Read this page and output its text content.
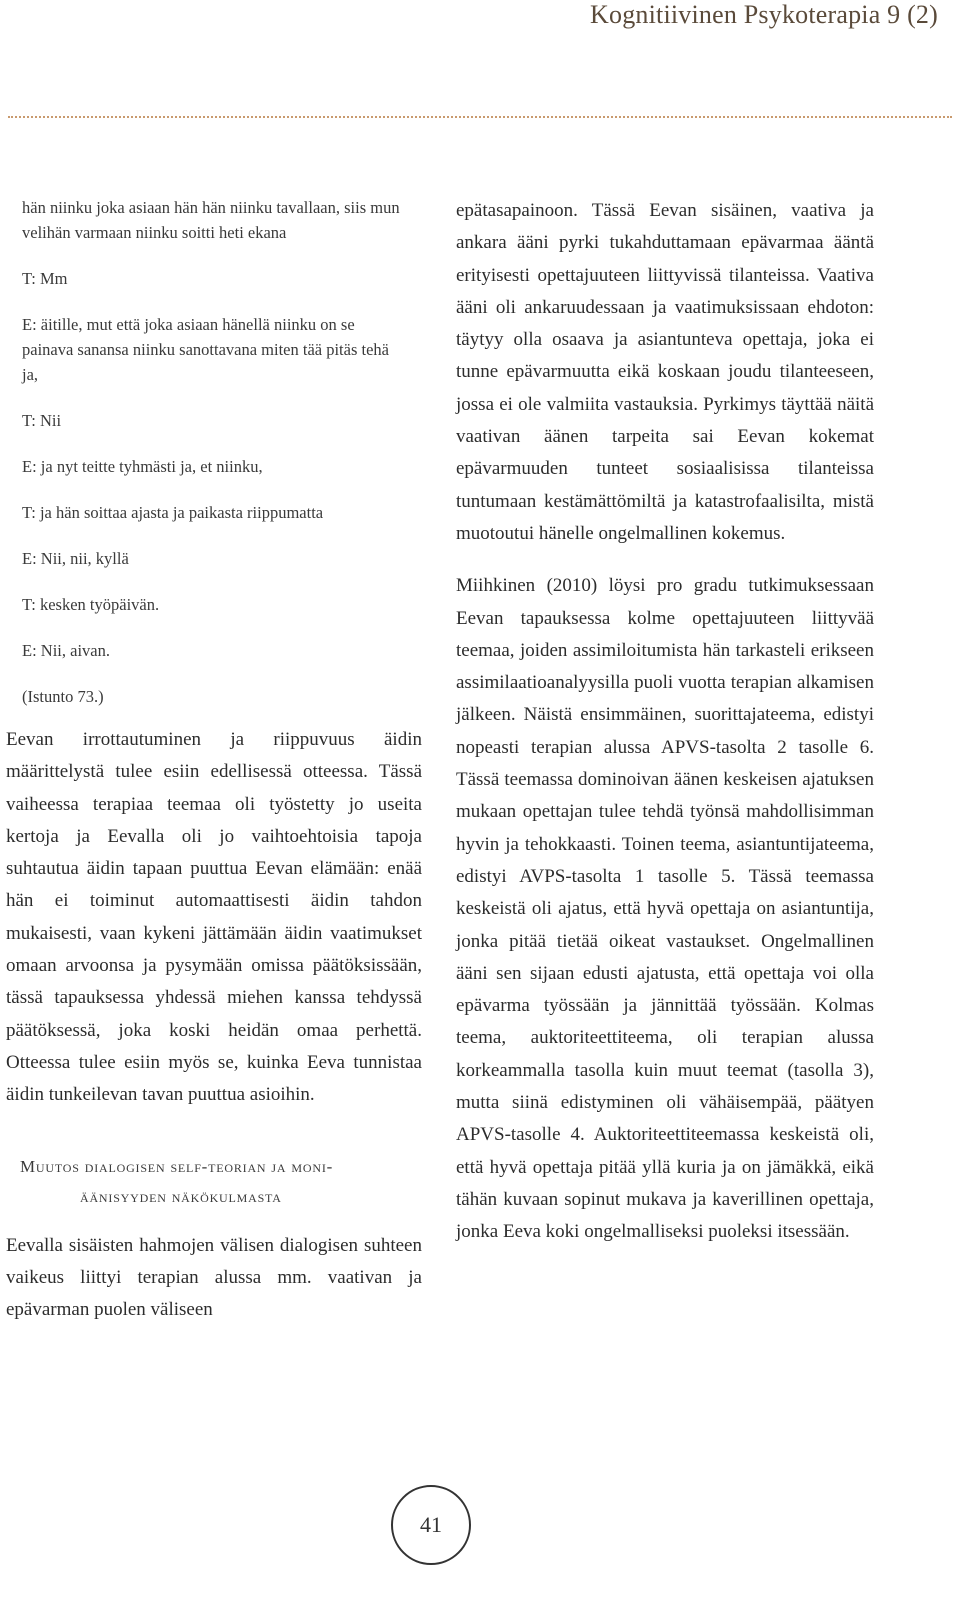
Kognitiivinen Psykoterapia 9 (2)

hän niinku joka asiaan hän hän niinku tavallaan, siis mun velihän varmaan niinku soitti heti ekana

T: Mm

E: äitille, mut että joka asiaan hänellä niinku on se painava sanansa niinku sanottavana miten tää pitäs tehä ja,

T: Nii

E: ja nyt teitte tyhmästi ja, et niinku,

T: ja hän soittaa ajasta ja paikasta riippumatta

E: Nii, nii, kyllä

T: kesken työpäivän.

E: Nii, aivan.

(Istunto 73.)

Eevan irrottautuminen ja riippuvuus äidin määrittelystä tulee esiin edellisessä otteessa. Tässä vaiheessa terapiaa teemaa oli työstetty jo useita kertoja ja Eevalla oli jo vaihtoehtoisia tapoja suhtautua äidin tapaan puuttua Eevan elämään: enää hän ei toiminut automaattisesti äidin tahdon mukaisesti, vaan kykeni jättämään äidin vaatimukset omaan arvoonsa ja pysymään omissa päätöksissään, tässä tapauksessa yhdessä miehen kanssa tehdyssä päätöksessä, joka koski heidän omaa perhettä. Otteessa tulee esiin myös se, kuinka Eeva tunnistaa äidin tunkeilevan tavan puuttua asioihin.

Muutos dialogisen self-teorian ja moni-
äänisyyden näkökulmasta

Eevalla sisäisten hahmojen välisen dialogisen suhteen vaikeus liittyi terapian alussa mm. vaativan ja epävarman puolen väliseen

epätasapainoon. Tässä Eevan sisäinen, vaativa ja ankara ääni pyrki tukahduttamaan epävarmaa ääntä erityisesti opettajuuteen liittyvissä tilanteissa. Vaativa ääni oli ankaruudessaan ja vaatimuksissaan ehdoton: täytyy olla osaava ja asiantunteva opettaja, joka ei tunne epävarmuutta eikä koskaan joudu tilanteeseen, jossa ei ole valmiita vastauksia. Pyrkimys täyttää näitä vaativan äänen tarpeita sai Eevan kokemat epävarmuuden tunteet sosiaalisissa tilanteissa tuntumaan kestämättömiltä ja katastrofaalisilta, mistä muotoutui hänelle ongelmallinen kokemus.

Miihkinen (2010) löysi pro gradu tutkimuksessaan Eevan tapauksessa kolme opettajuuteen liittyvää teemaa, joiden assimiloitumista hän tarkasteli erikseen assimilaatioanalyysilla puoli vuotta terapian alkamisen jälkeen. Näistä ensimmäinen, suorittajateema, edistyi nopeasti terapian alussa APVS-tasolta 2 tasolle 6. Tässä teemassa dominoivan äänen keskeisen ajatuksen mukaan opettajan tulee tehdä työnsä mahdollisimman hyvin ja tehokkaasti. Toinen teema, asiantuntijateema, edistyi AVPS-tasolta 1 tasolle 5. Tässä teemassa keskeistä oli ajatus, että hyvä opettaja on asiantuntija, jonka pitää tietää oikeat vastaukset. Ongelmallinen ääni sen sijaan edusti ajatusta, että opettaja voi olla epävarma työssään ja jännittää työssään. Kolmas teema, auktoriteettiteema, oli terapian alussa korkeammalla tasolla kuin muut teemat (tasolla 3), mutta siinä edistyminen oli vähäisempää, päätyen APVS-tasolle 4. Auktoriteettiteemassa keskeistä oli, että hyvä opettaja pitää yllä kuria ja on jämäkkä, eikä tähän kuvaan sopinut mukava ja kaverillinen opettaja, jonka Eeva koki ongelmalliseksi puoleksi itsessään.

41
